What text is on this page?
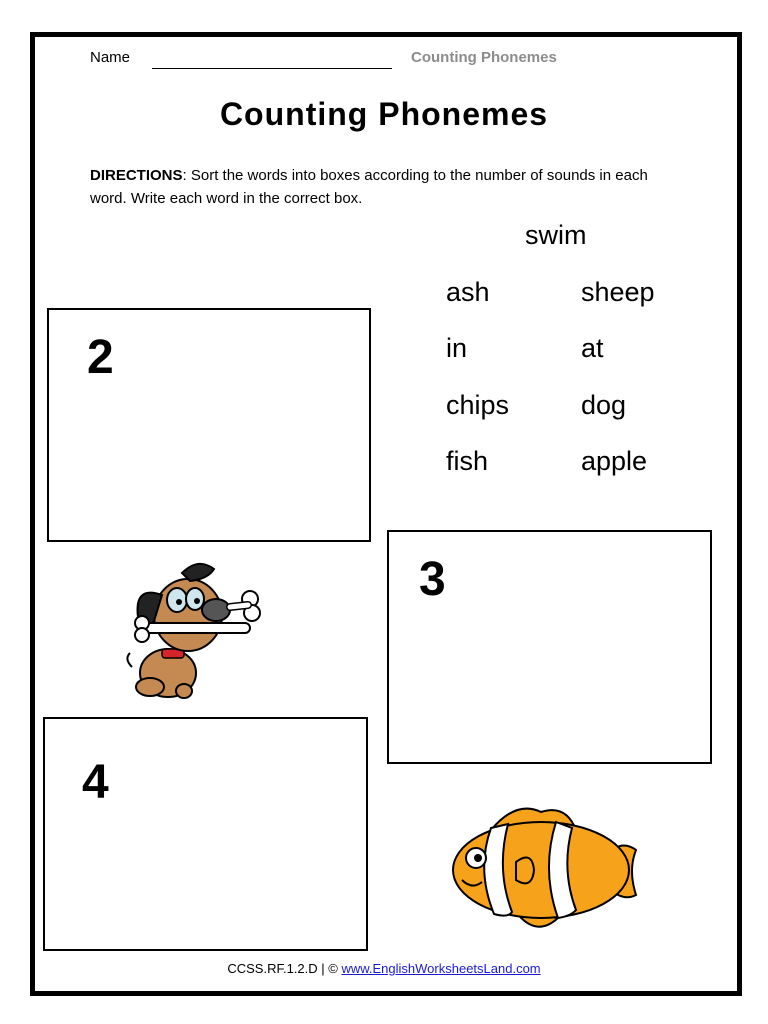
Name	Counting Phonemes
Counting Phonemes
DIRECTIONS: Sort the words into boxes according to the number of sounds in each word. Write each word in the correct box.
swim
ash	sheep
in	at
chips	dog
fish	apple
2
3
4
CCSS.RF.1.2.D | © www.EnglishWorksheetsLand.com
